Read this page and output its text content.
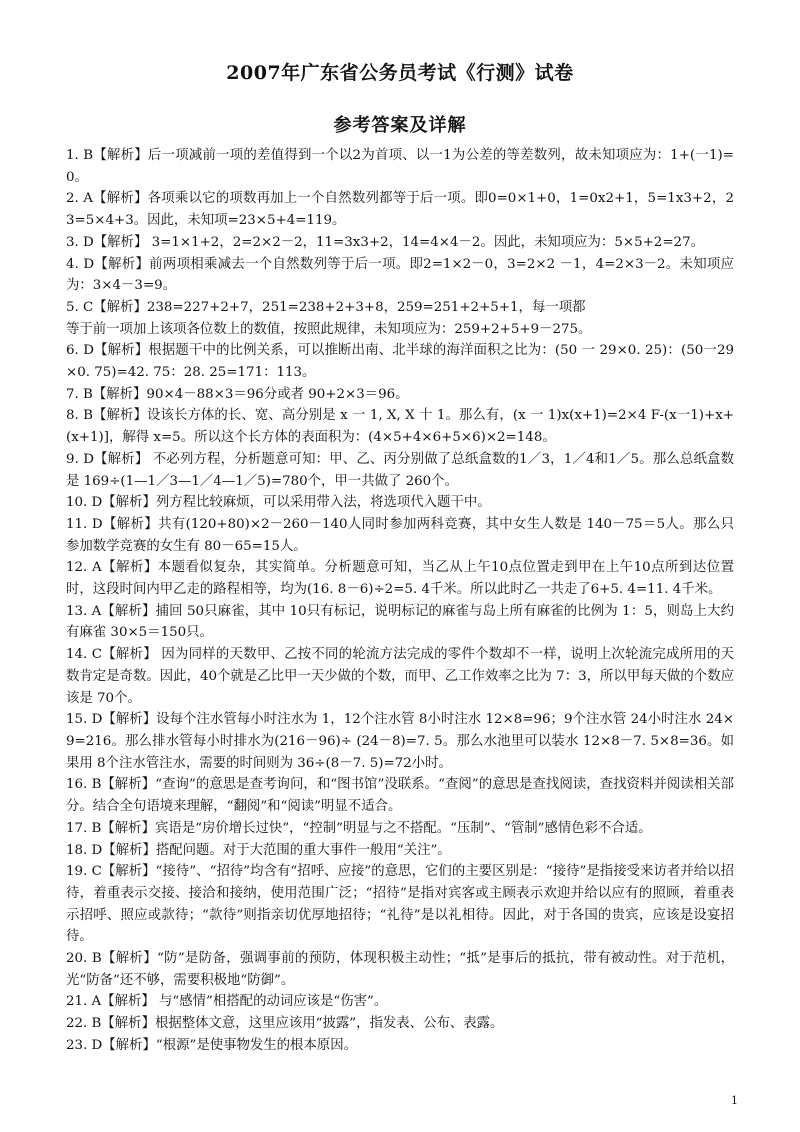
2007年广东省公务员考试《行测》试卷
参考答案及详解

1. B【解析】后一项减前一项的差值得到一个以2为首项、以一1为公差的等差数列，故未知项应为：1+(一1)=0。

2. A【解析】各项乘以它的项数再加上一个自然数列都等于后一项。即0=0×1+0，1=0x2+1，5=1x3+2，23=5×4+3。因此，未知项=23×5+4=119。

3. D【解析】 3=1×1+2，2=2×2－2，11=3x3+2，14=4×4－2。因此，未知项应为：5×5+2=27。

4. D【解析】前两项相乘减去一个自然数列等于后一项。即2=1×2－0，3=2×2 －1，4=2×3－2。未知项应为：3×4－3=9。

5. C【解析】238=227+2+7，251=238+2+3+8，259=251+2+5+1，每一项都

等于前一项加上该项各位数上的数值，按照此规律，未知项应为：259+2+5+9－275。

6. D【解析】根据题干中的比例关系，可以推断出南、北半球的海洋面积之比为：(50 一 29×0. 25)：(50一29×0. 75)=42. 75：28. 25=171：113。

7. B【解析】90×4－88×3＝96分或者 90+2×3＝96。

8. B【解析】设该长方体的长、宽、高分别是 x 一 1, X, X 十 1。那么有，(x 一 1)x(x+1)=2×4 F-(x一1)+x+(x+1)]，解得 x=5。所以这个长方体的表面积为：(4×5+4×6+5×6)×2=148。

9. D【解析】 不必列方程，分析题意可知：甲、乙、丙分别做了总纸盒数的1／3，1／4和1／5。那么总纸盒数是 169÷(1—1／3—1／4—1／5)=780个，甲一共做了 260个。

10. D【解析】列方程比较麻烦，可以采用带入法，将选项代入题干中。

11. D【解析】共有(120+80)×2－260－140人同时参加两科竞赛，其中女生人数是 140－75＝5人。那么只参加数学竞赛的女生有 80－65=15人。

12. A【解析】本题看似复杂，其实简单。分析题意可知，当乙从上午10点位置走到甲在上午10点所到达位置时，这段时间内甲乙走的路程相等，均为(16. 8－6)÷2=5. 4千米。所以此时乙一共走了6+5. 4=11. 4千米。

13. A【解析】捕回 50只麻雀，其中 10只有标记，说明标记的麻雀与岛上所有麻雀的比例为 1：5，则岛上大约有麻雀 30×5＝150只。

14. C【解析】 因为同样的天数甲、乙按不同的轮流方法完成的零件个数却不一样，说明上次轮流完成所用的天数肯定是奇数。因此，40个就是乙比甲一天少做的个数，而甲、乙工作效率之比为 7：3，所以甲每天做的个数应该是 70个。

15. D【解析】设每个注水管每小时注水为 1，12个注水管 8小时注水 12×8=96；9个注水管 24小时注水 24×9=216。那么排水管每小时排水为(216－96)÷ (24－8)=7. 5。那么水池里可以装水 12×8－7. 5×8=36。如果用 8个注水管注水，需要的时间则为 36÷(8－7. 5)=72小时。

16. B【解析】“查询”的意思是查考询问，和“图书馆”没联系。“查阅”的意思是查找阅读，查找资料并阅读相关部分。结合全句语境来理解，“翻阅”和“阅读”明显不适合。

17. B【解析】宾语是“房价增长过快”，“控制”明显与之不搭配。“压制”、“管制”感情色彩不合适。

18. D【解析】搭配问题。对于大范围的重大事件一般用“关注”。

19. C【解析】“接待”、“招待”均含有“招呼、应接”的意思，它们的主要区别是：“接待”是指接受来访者并给以招待，着重表示交接、接洽和接纳，使用范围广泛；“招待”是指对宾客或主顾表示欢迎并给以应有的照顾，着重表示招呼、照应或款待；“款待”则指亲切优厚地招待；“礼待”是以礼相待。因此，对于各国的贵宾，应该是设宴招待。

20. B【解析】“防”是防备，强调事前的预防，体现积极主动性；“抵”是事后的抵抗，带有被动性。对于范机，光“防备”还不够，需要积极地“防御”。

21. A【解析】 与“感情”相搭配的动词应该是“伤害”。

22. B【解析】根据整体文意，这里应该用“披露”，指发表、公布、表露。

23. D【解析】“根源”是使事物发生的根本原因。

1
